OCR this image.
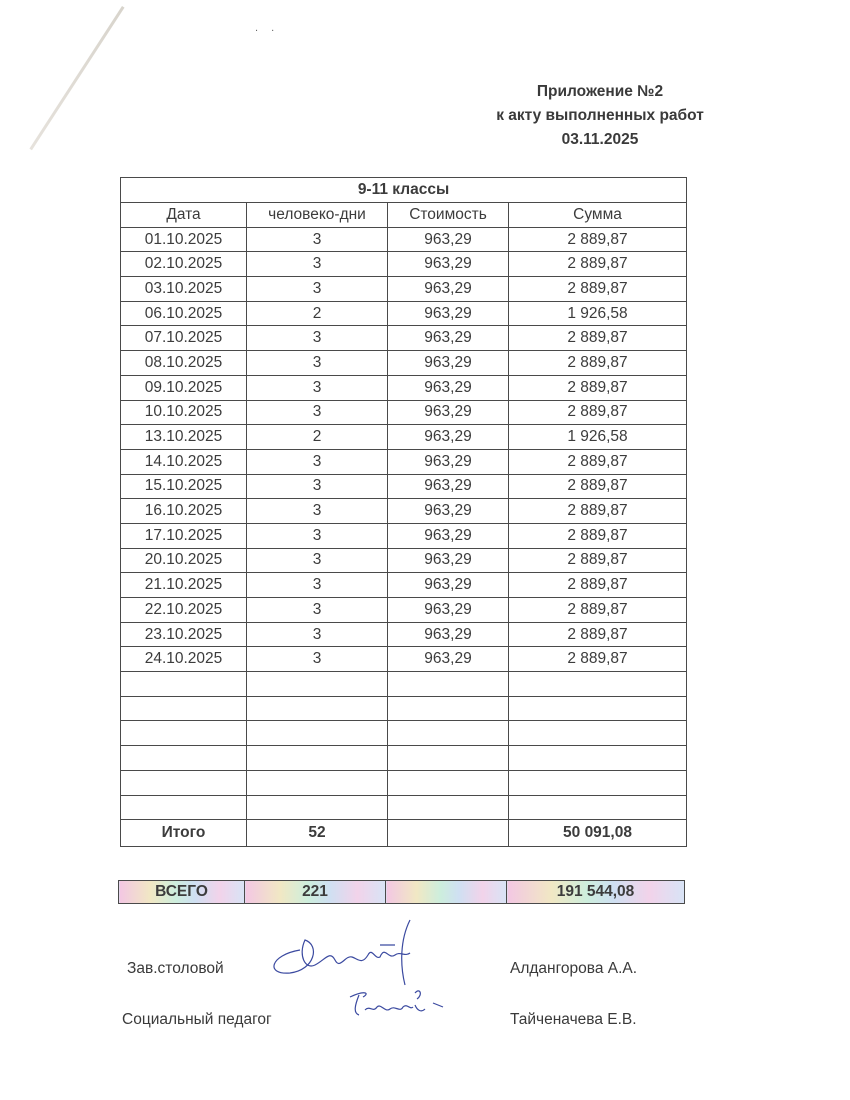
. .
Приложение №2
к акту выполненных работ
03.11.2025
9-11 классы			
Дата	человеко-дни	Стоимость	Сумма
01.10.2025	3	963,29	2 889,87
02.10.2025	3	963,29	2 889,87
03.10.2025	3	963,29	2 889,87
06.10.2025	2	963,29	1 926,58
07.10.2025	3	963,29	2 889,87
08.10.2025	3	963,29	2 889,87
09.10.2025	3	963,29	2 889,87
10.10.2025	3	963,29	2 889,87
13.10.2025	2	963,29	1 926,58
14.10.2025	3	963,29	2 889,87
15.10.2025	3	963,29	2 889,87
16.10.2025	3	963,29	2 889,87
17.10.2025	3	963,29	2 889,87
20.10.2025	3	963,29	2 889,87
21.10.2025	3	963,29	2 889,87
22.10.2025	3	963,29	2 889,87
23.10.2025	3	963,29	2 889,87
24.10.2025	3	963,29	2 889,87

Итого	52		50 091,08
ВСЕГО	221		191 544,08
Зав.столовой	Алдангорова А.А.
Социальный педагог	Тайченачева Е.В.
